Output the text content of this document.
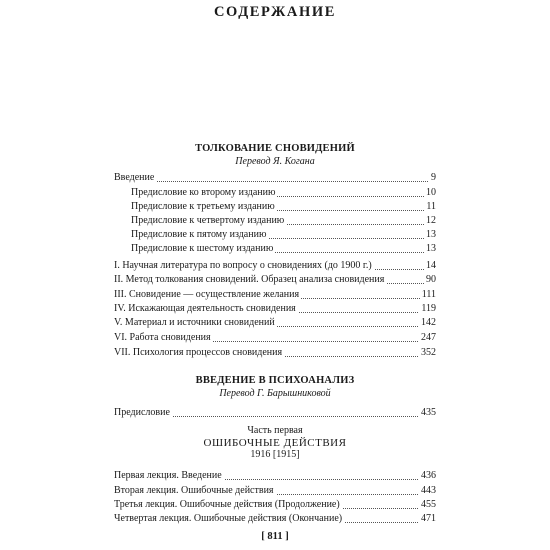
СОДЕРЖАНИЕ
ТОЛКОВАНИЕ СНОВИДЕНИЙ
Перевод Я. Когана
Введение	9
Предисловие ко второму изданию	10
Предисловие к третьему изданию	11
Предисловие к четвертому изданию	12
Предисловие к пятому изданию	13
Предисловие к шестому изданию	13
I. Научная литература по вопросу о сновидениях (до 1900 г.)	14
II. Метод толкования сновидений. Образец анализа сновидения	90
III. Сновидение — осуществление желания	111
IV. Искажающая деятельность сновидения	119
V. Материал и источники сновидений	142
VI. Работа сновидения	247
VII. Психология процессов сновидения	352
ВВЕДЕНИЕ В ПСИХОАНАЛИЗ
Перевод Г. Барышниковой
Предисловие	435
Часть первая
ОШИБОЧНЫЕ ДЕЙСТВИЯ
1916 [1915]
Первая лекция. Введение	436
Вторая лекция. Ошибочные действия	443
Третья лекция. Ошибочные действия (Продолжение)	455
Четвертая лекция. Ошибочные действия (Окончание)	471
[ 811 ]
